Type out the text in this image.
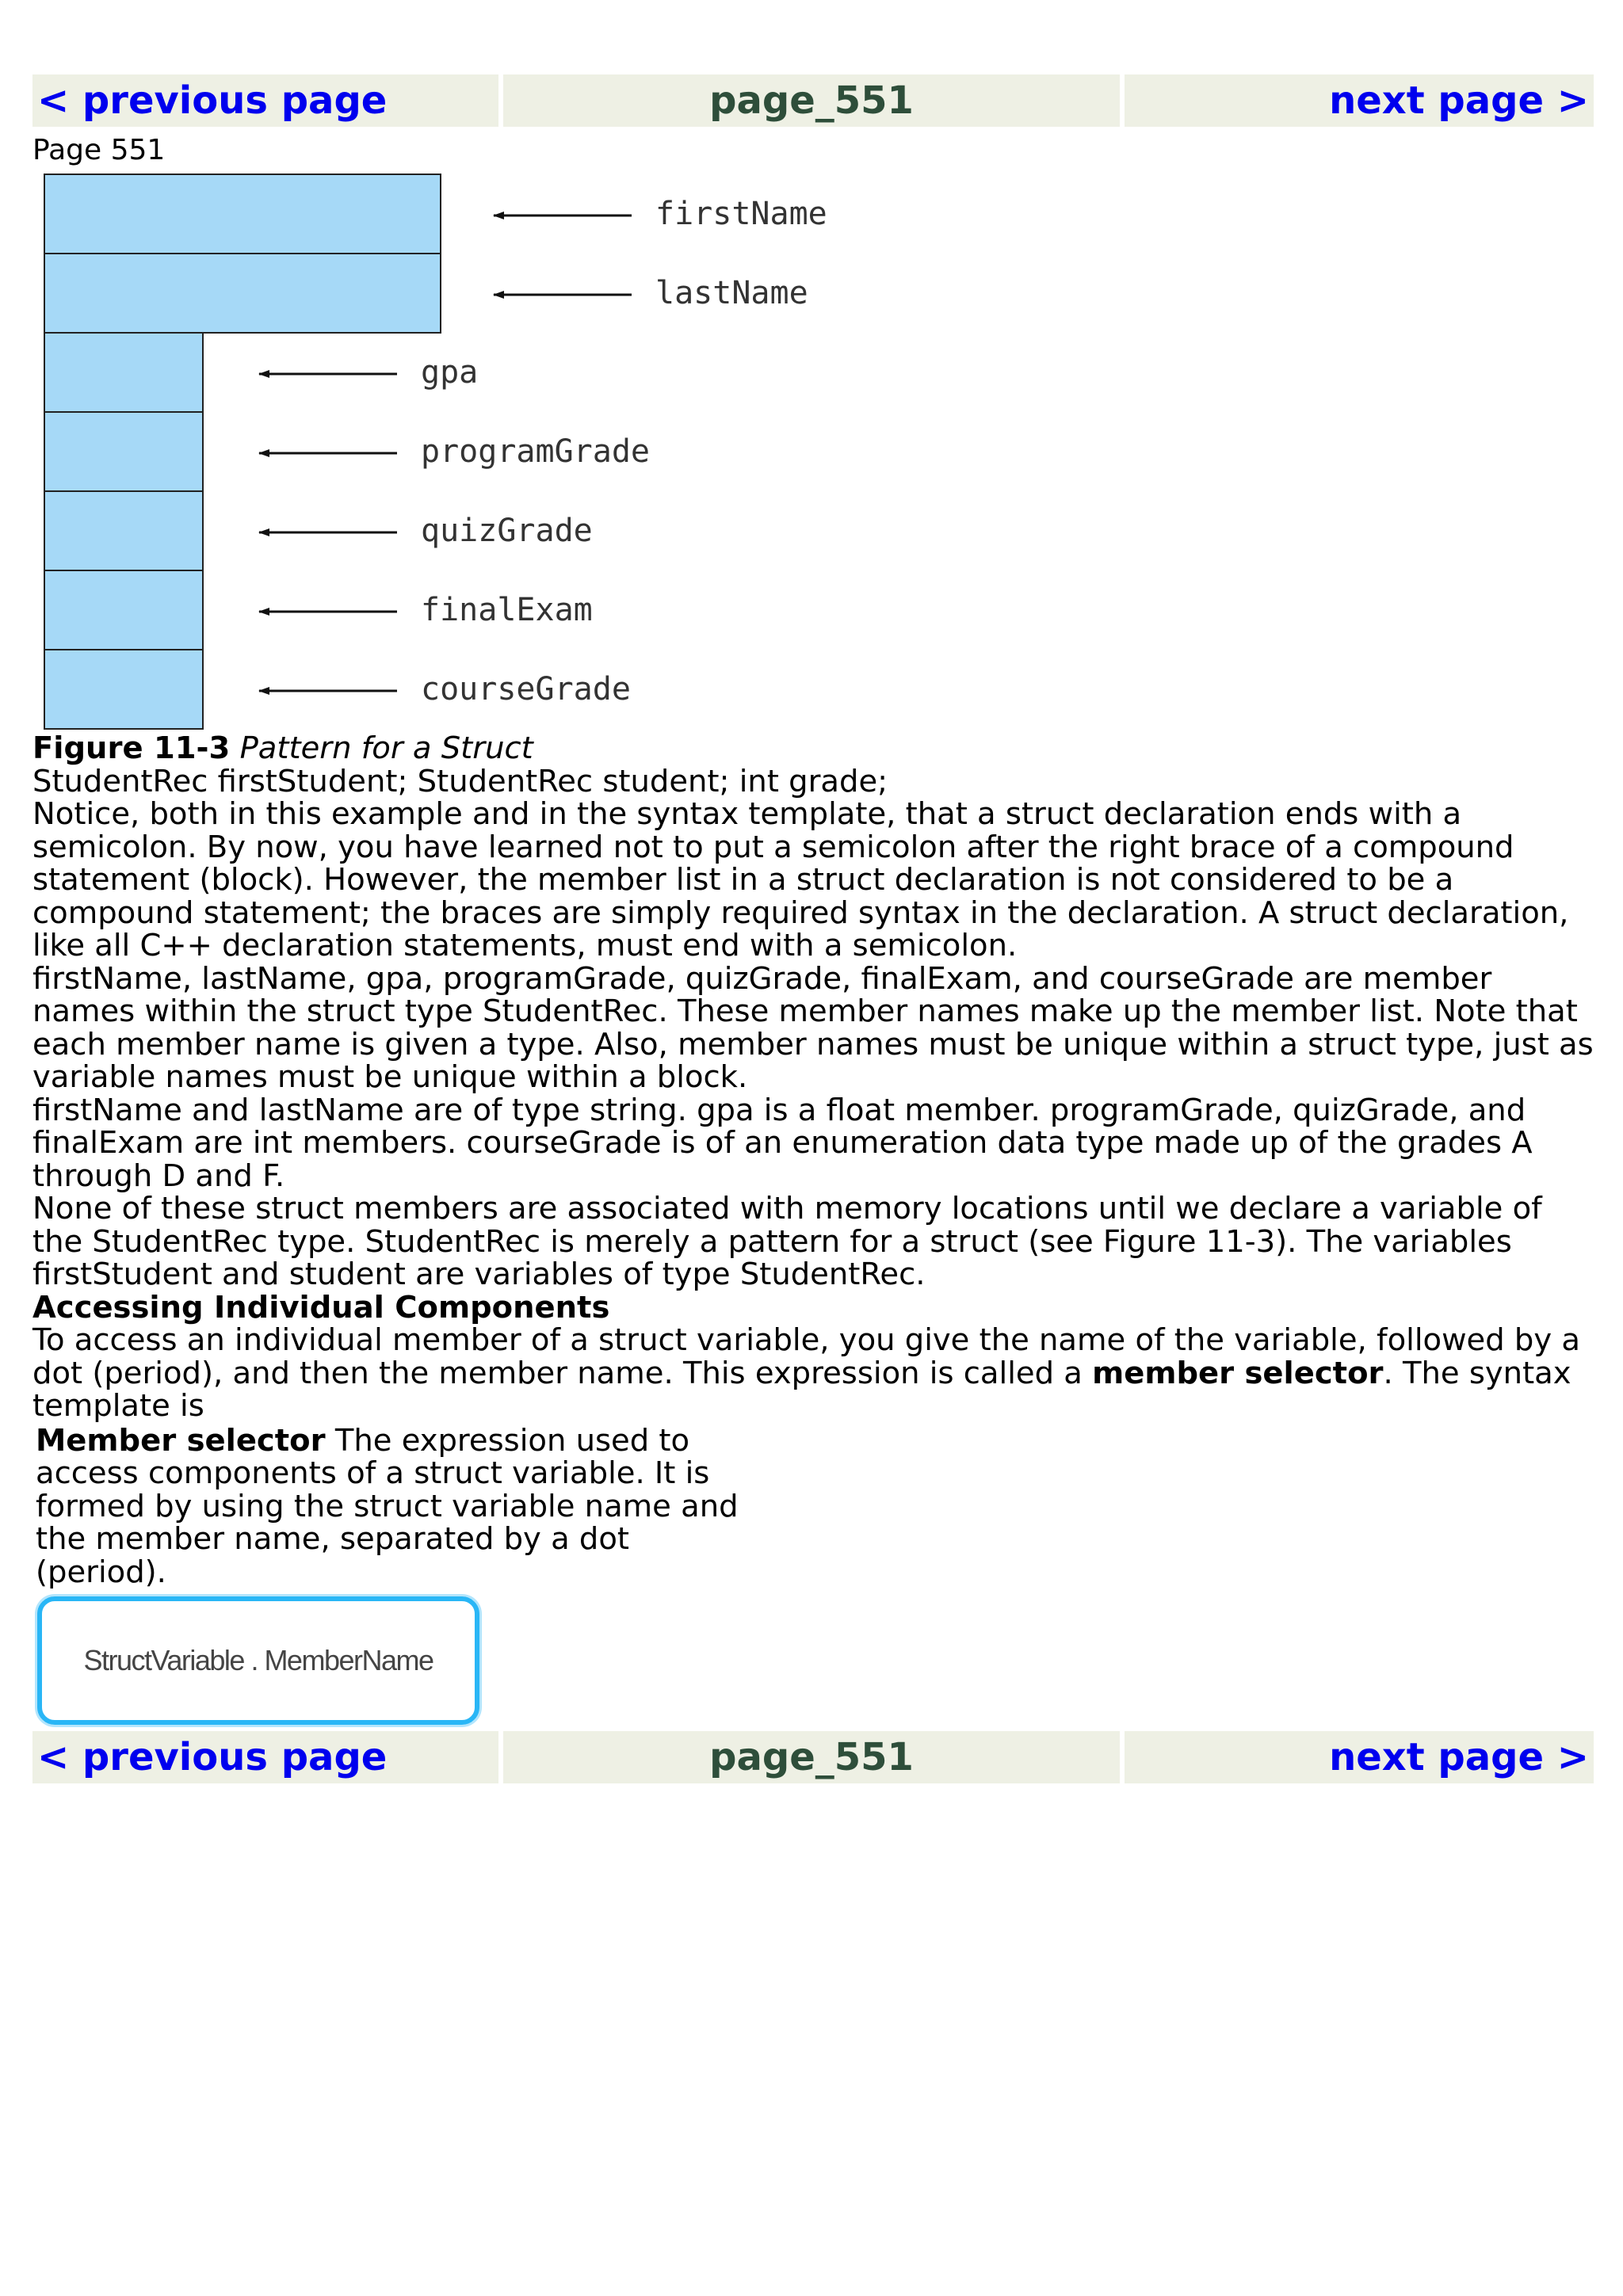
< previous page	page_551	next page >
Page 551
firstName
lastName
gpa
programGrade
quizGrade
finalExam
courseGrade

Figure 11-3 Pattern for a Struct

StudentRec firstStudent; StudentRec student; int grade;

Notice, both in this example and in the syntax template, that a struct declaration ends with a semicolon. By now, you have learned not to put a semicolon after the right brace of a compound statement (block). However, the member list in a struct declaration is not considered to be a compound statement; the braces are simply required syntax in the declaration. A struct declaration, like all C++ declaration statements, must end with a semicolon.

firstName, lastName, gpa, programGrade, quizGrade, finalExam, and courseGrade are member names within the struct type StudentRec. These member names make up the member list. Note that each member name is given a type. Also, member names must be unique within a struct type, just as variable names must be unique within a block.

firstName and lastName are of type string. gpa is a float member. programGrade, quizGrade, and finalExam are int members. courseGrade is of an enumeration data type made up of the grades A through D and F.

None of these struct members are associated with memory locations until we declare a variable of the StudentRec type. StudentRec is merely a pattern for a struct (see Figure 11-3). The variables firstStudent and student are variables of type StudentRec.

Accessing Individual Components

To access an individual member of a struct variable, you give the name of the variable, followed by a dot (period), and then the member name. This expression is called a member selector. The syntax template is

Member selector The expression used to access components of a struct variable. It is formed by using the struct variable name and the member name, separated by a dot (period).
StructVariable . MemberName
< previous page	page_551	next page >
